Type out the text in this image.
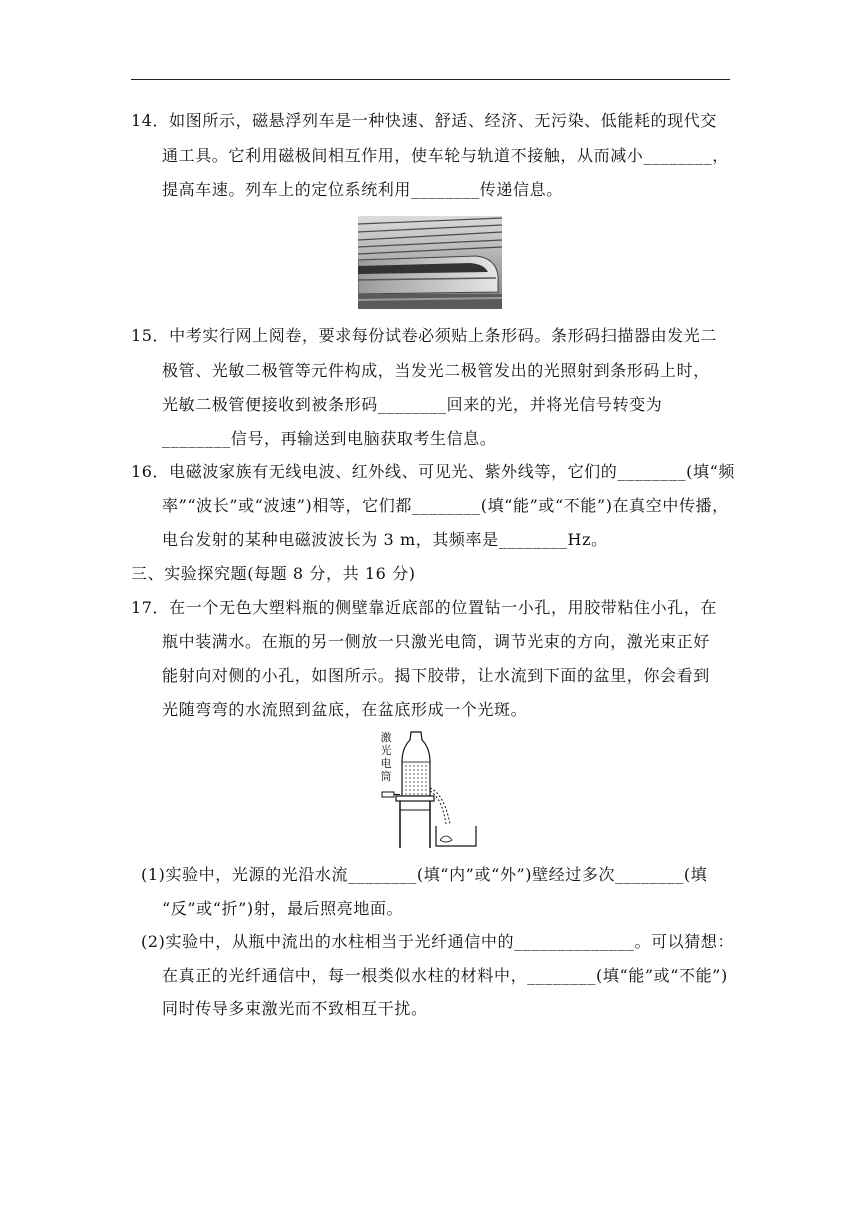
14．如图所示，磁悬浮列车是一种快速、舒适、经济、无污染、低能耗的现代交
通工具。它利用磁极间相互作用，使车轮与轨道不接触，从而减小________，
提高车速。列车上的定位系统利用________传递信息。
15．中考实行网上阅卷，要求每份试卷必须贴上条形码。条形码扫描器由发光二
极管、光敏二极管等元件构成，当发光二极管发出的光照射到条形码上时，
光敏二极管便接收到被条形码________回来的光，并将光信号转变为
________信号，再输送到电脑获取考生信息。
16．电磁波家族有无线电波、红外线、可见光、紫外线等，它们的________(填“频
率”“波长”或“波速”)相等，它们都________(填“能”或“不能”)在真空中传播，
电台发射的某种电磁波波长为 3 m，其频率是________Hz。
三、实验探究题(每题 8 分，共 16 分)
17．在一个无色大塑料瓶的侧壁靠近底部的位置钻一小孔，用胶带粘住小孔，在
瓶中装满水。在瓶的另一侧放一只激光电筒，调节光束的方向，激光束正好
能射向对侧的小孔，如图所示。揭下胶带，让水流到下面的盆里，你会看到
光随弯弯的水流照到盆底，在盆底形成一个光斑。
激
光
电
筒
(1)实验中，光源的光沿水流________(填“内”或“外”)壁经过多次________(填
“反”或“折”)射，最后照亮地面。
(2)实验中，从瓶中流出的水柱相当于光纤通信中的______________。可以猜想：
在真正的光纤通信中，每一根类似水柱的材料中，________(填“能”或“不能”)
同时传导多束激光而不致相互干扰。
